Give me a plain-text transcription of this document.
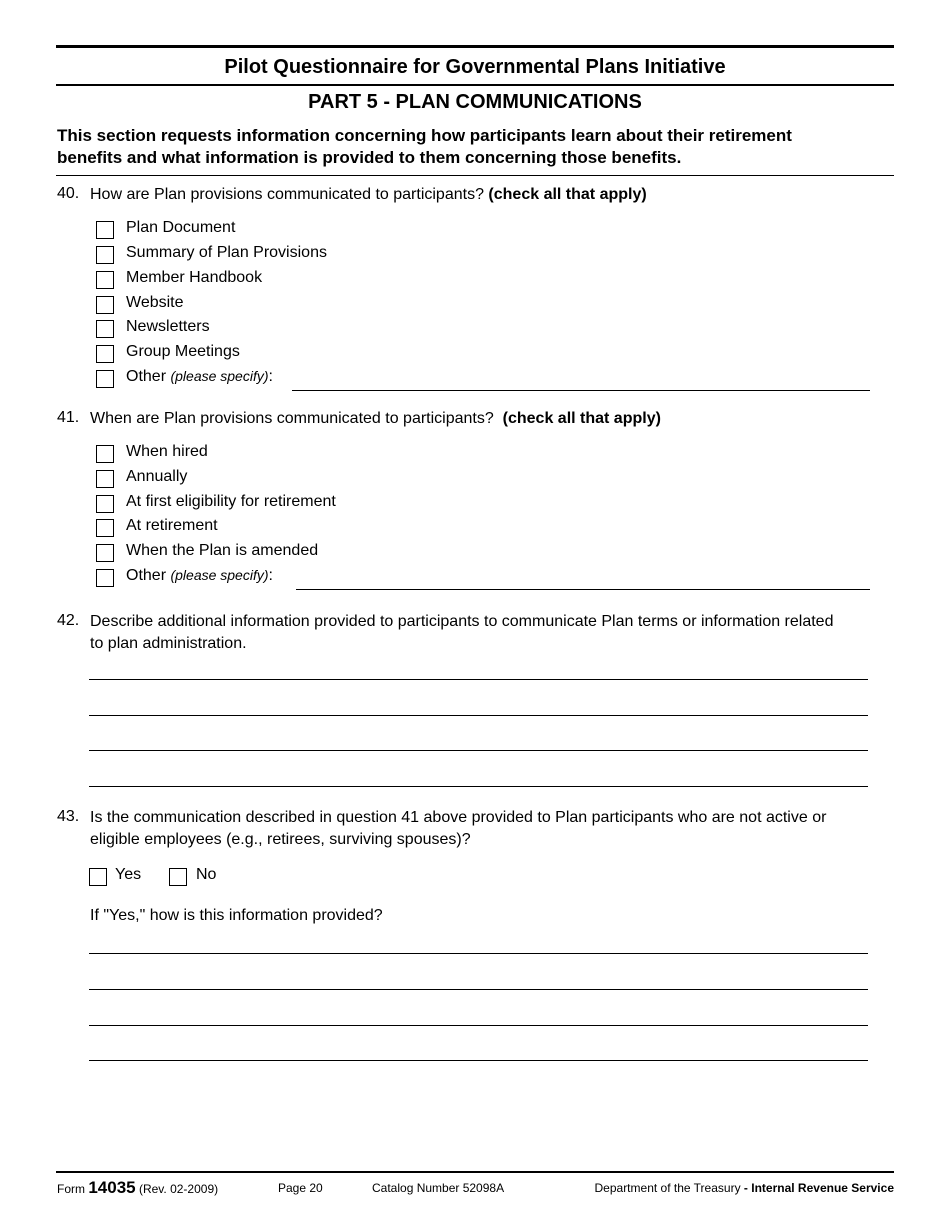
Pilot Questionnaire for Governmental Plans Initiative
PART 5 - PLAN COMMUNICATIONS
This section requests information concerning how participants learn about their retirement
benefits and what information is provided to them concerning those benefits.
40. How are Plan provisions communicated to participants? (check all that apply)
Plan Document
Summary of Plan Provisions
Member Handbook
Website
Newsletters
Group Meetings
Other (please specify):
41. When are Plan provisions communicated to participants? (check all that apply)
When hired
Annually
At first eligibility for retirement
At retirement
When the Plan is amended
Other (please specify):
42. Describe additional information provided to participants to communicate Plan terms or information related
to plan administration.
43. Is the communication described in question 41 above provided to Plan participants who are not active or
eligible employees (e.g., retirees, surviving spouses)?
Yes	No
If "Yes," how is this information provided?
Form 14035 (Rev. 02-2009)	Page 20	Catalog Number 52098A	Department of the Treasury - Internal Revenue Service
